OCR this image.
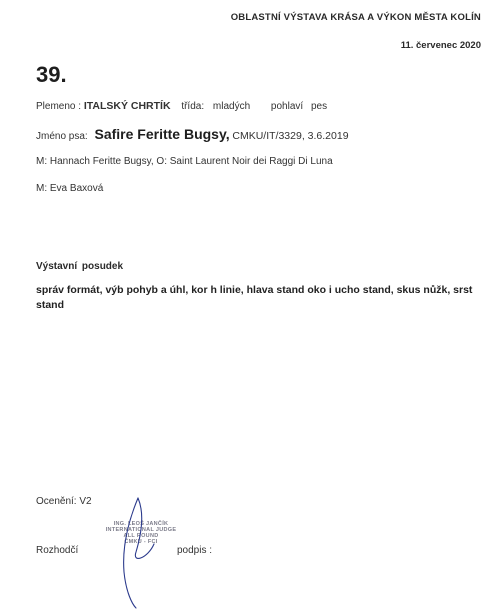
OBLASTNÍ VÝSTAVA KRÁSA A VÝKON MĚSTA KOLÍN
11. červenec 2020
39.
Plemeno : ITALSKÝ CHRTÍK třída: mladých pohlaví pes
Jméno psa: Safire Feritte Bugsy, CMKU/IT/3329, 3.6.2019
M: Hannach Feritte Bugsy, O: Saint Laurent Noir dei Raggi Di Luna
M: Eva Baxová
Výstavní posudek
správ formát, výb pohyb a úhl, kor h linie, hlava stand oko i ucho stand, skus nůžk, srst stand
Ocenění: V2
ING. LEOŠ JANČÍK
INTERNATIONAL JUDGE
ALL ROUND
ČMKU - FCI
Rozhodčí	podpis :
